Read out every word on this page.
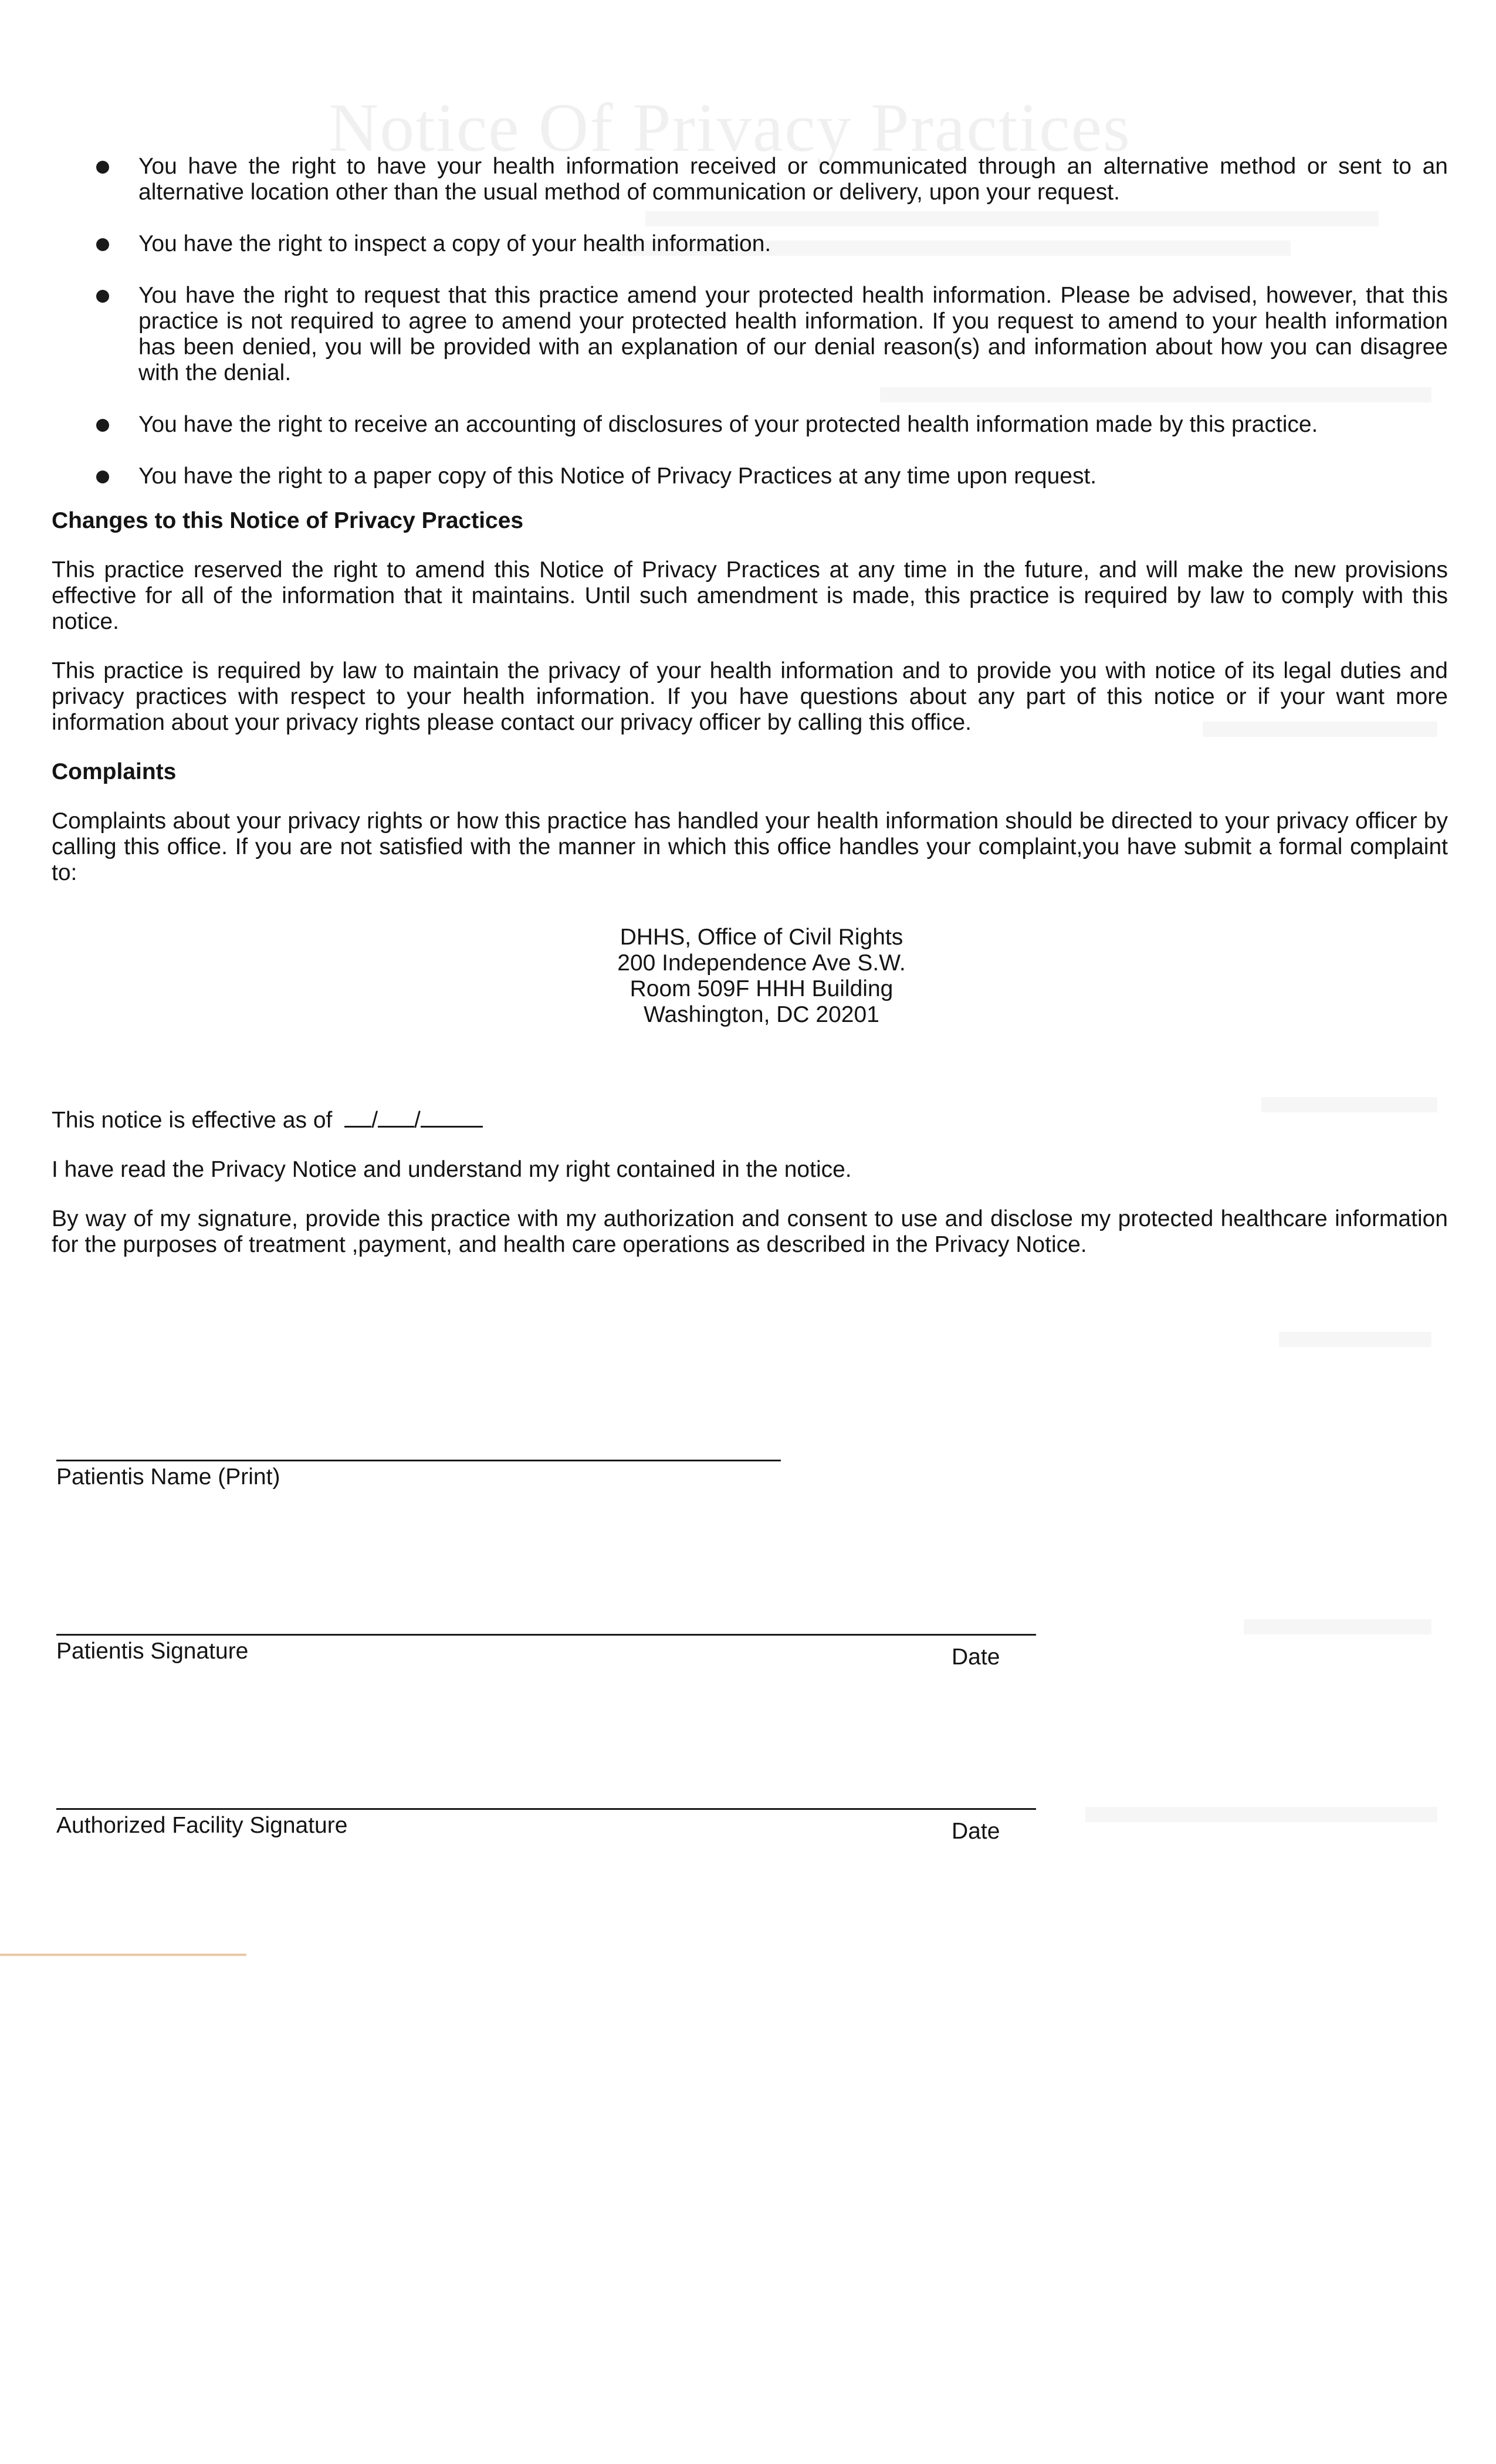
Notice Of Privacy Practices
You have the right to have your health information received or communicated through an alternative method or sent to an alternative location other than the usual method of communication or delivery, upon your request.
You have the right to inspect a copy of your health information.
You have the right to request that this practice amend your protected health information. Please be advised, however, that this practice is not required to agree to amend your protected health information. If you request to amend to your health information has been denied, you will be provided with an explanation of our denial reason(s) and information about how you can disagree with the denial.
You have the right to receive an accounting of disclosures of your protected health information made by this practice.
You have the right to a paper copy of this Notice of Privacy Practices at any time upon request.
Changes to this Notice of Privacy Practices

This practice reserved the right to amend this Notice of Privacy Practices at any time in the future, and will make the new provisions effective for all of the information that it maintains. Until such amendment is made, this practice is required by law to comply with this notice.

This practice is required by law to maintain the privacy of your health information and to provide you with notice of its legal duties and privacy practices with respect to your health information. If you have questions about any part of this notice or if your want more information about your privacy rights please contact our privacy officer by calling this office.

Complaints

Complaints about your privacy rights or how this practice has handled your health information should be directed to your privacy officer by calling this office. If you are not satisfied with the manner in which this office handles your complaint,you have submit a formal complaint to:

DHHS, Office of Civil Rights
200 Independence Ave S.W.
Room 509F HHH Building
Washington, DC 20201
This notice is effective as of / /

I have read the Privacy Notice and understand my right contained in the notice.

By way of my signature, provide this practice with my authorization and consent to use and disclose my protected healthcare information for the purposes of treatment ,payment, and health care operations as described in the Privacy Notice.

Patientis Name (Print)
Patientis Signature	Date
Authorized Facility Signature	Date
